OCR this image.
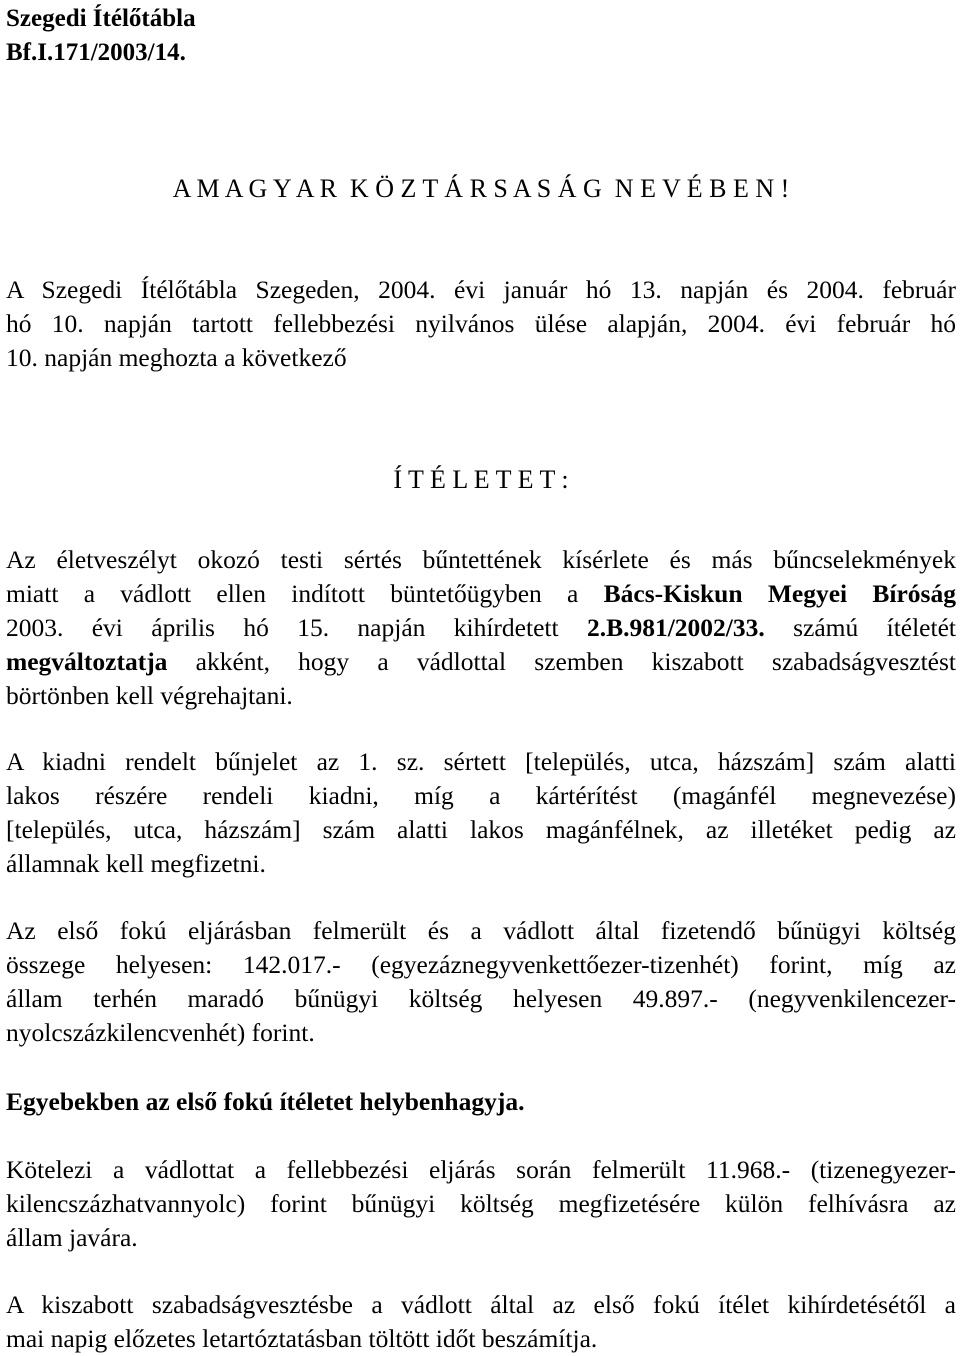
Szegedi Ítélőtábla
Bf.I.171/2003/14.
A M A G Y A R  K Ö Z T Á R S A S Á G  N E V É B E N !
A Szegedi Ítélőtábla Szegeden, 2004. évi január hó 13. napján és 2004. február
hó 10. napján tartott fellebbezési nyilvános ülése alapján, 2004. évi február hó
10. napján meghozta a következő
Í T É L E T E T :
Az életveszélyt okozó testi sértés bűntettének kísérlete és más bűncselekmények
miatt a vádlott ellen indított büntetőügyben a Bács-Kiskun Megyei Bíróság
2003. évi április hó 15. napján kihírdetett 2.B.981/2002/33. számú ítéletét
megváltoztatja akként, hogy a vádlottal szemben kiszabott szabadságvesztést
börtönben kell végrehajtani.
A kiadni rendelt bűnjelet az 1. sz. sértett [település, utca, házszám] szám alatti
lakos részére rendeli kiadni, míg a kártérítést (magánfél megnevezése)
[település, utca, házszám] szám alatti lakos magánfélnek, az illetéket pedig az
államnak kell megfizetni.
Az első fokú eljárásban felmerült és a vádlott által fizetendő bűnügyi költség
összege helyesen: 142.017.- (egyezáznegyvenkettőezer-tizenhét) forint, míg az
állam terhén maradó bűnügyi költség helyesen 49.897.- (negyvenkilencezer-
nyolcszázkilencvenhét) forint.
Egyebekben az első fokú ítéletet helybenhagyja.
Kötelezi a vádlottat a fellebbezési eljárás során felmerült 11.968.- (tizenegyezer-
kilencszázhatvannyolc) forint bűnügyi költség megfizetésére külön felhívásra az
állam javára.
A kiszabott szabadságvesztésbe a vádlott által az első fokú ítélet kihírdetésétől a
mai napig előzetes letartóztatásban töltött időt beszámítja.
